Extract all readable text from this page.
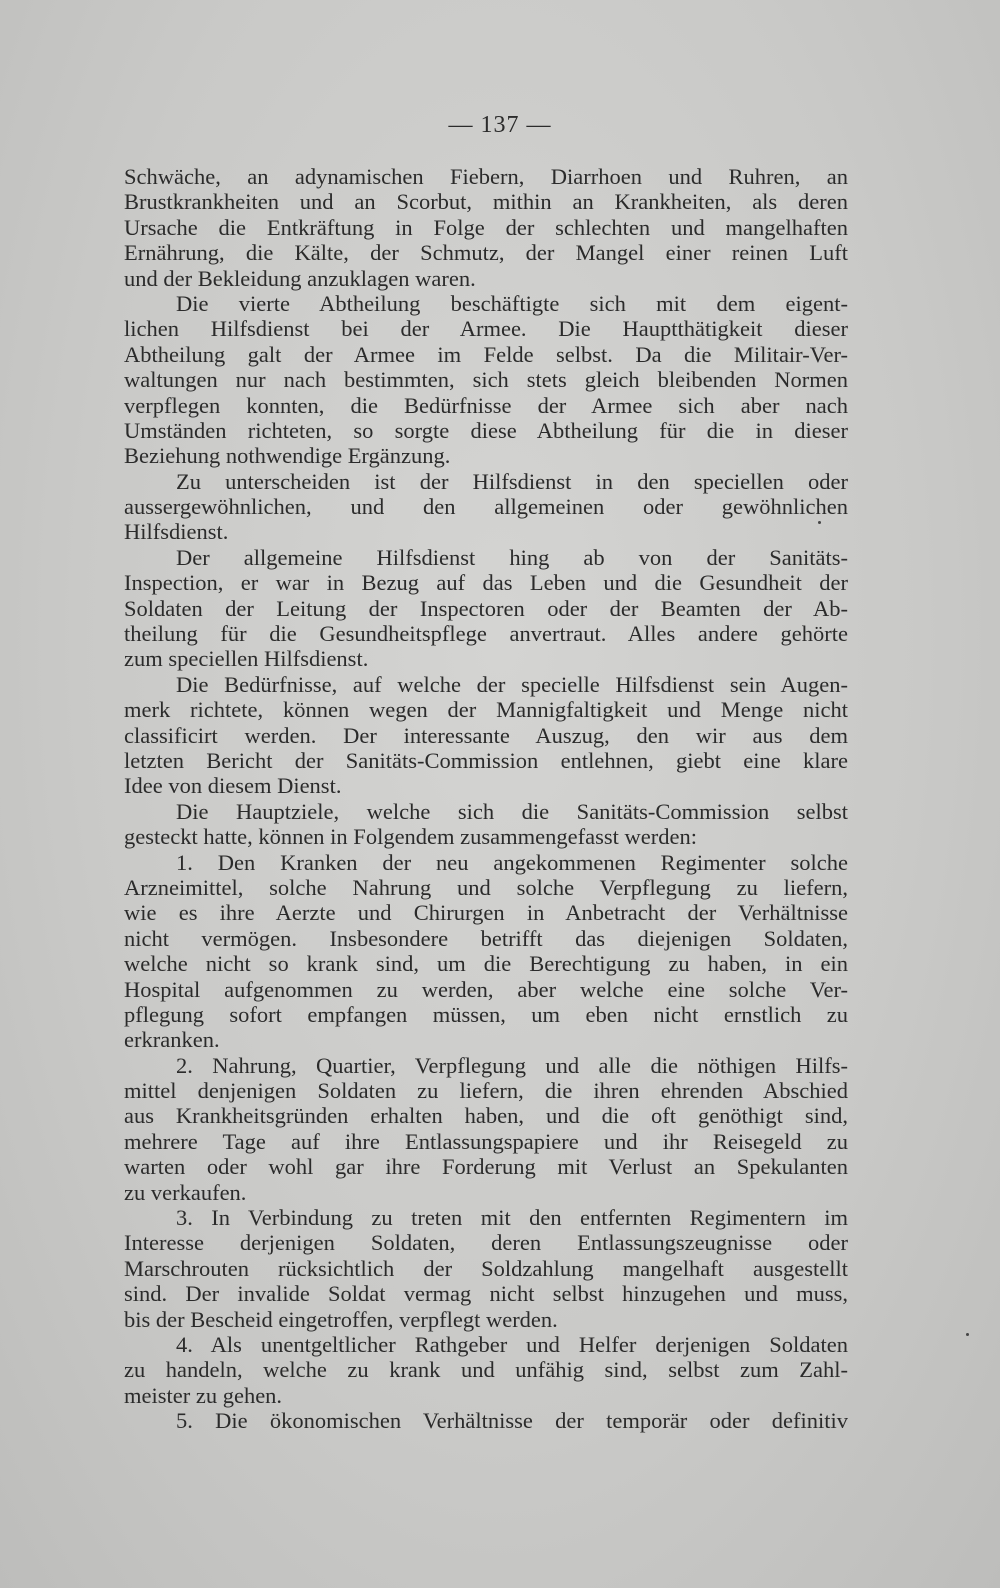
— 137 —
Schwäche, an adynamischen Fiebern, Diarrhoen und Ruhren, an
Brustkrankheiten und an Scorbut, mithin an Krankheiten, als deren
Ursache die Entkräftung in Folge der schlechten und mangelhaften
Ernährung, die Kälte, der Schmutz, der Mangel einer reinen Luft
und der Bekleidung anzuklagen waren.
Die vierte Abtheilung beschäftigte sich mit dem eigent-
lichen Hilfsdienst bei der Armee. Die Hauptthätigkeit dieser
Abtheilung galt der Armee im Felde selbst. Da die Militair-Ver-
waltungen nur nach bestimmten, sich stets gleich bleibenden Normen
verpflegen konnten, die Bedürfnisse der Armee sich aber nach
Umständen richteten, so sorgte diese Abtheilung für die in dieser
Beziehung nothwendige Ergänzung.
Zu unterscheiden ist der Hilfsdienst in den speciellen oder
aussergewöhnlichen, und den allgemeinen oder gewöhnlichen
Hilfsdienst.
Der allgemeine Hilfsdienst hing ab von der Sanitäts-
Inspection, er war in Bezug auf das Leben und die Gesundheit der
Soldaten der Leitung der Inspectoren oder der Beamten der Ab-
theilung für die Gesundheitspflege anvertraut. Alles andere gehörte
zum speciellen Hilfsdienst.
Die Bedürfnisse, auf welche der specielle Hilfsdienst sein Augen-
merk richtete, können wegen der Mannigfaltigkeit und Menge nicht
classificirt werden. Der interessante Auszug, den wir aus dem
letzten Bericht der Sanitäts-Commission entlehnen, giebt eine klare
Idee von diesem Dienst.
Die Hauptziele, welche sich die Sanitäts-Commission selbst
gesteckt hatte, können in Folgendem zusammengefasst werden:
1. Den Kranken der neu angekommenen Regimenter solche
Arzneimittel, solche Nahrung und solche Verpflegung zu liefern,
wie es ihre Aerzte und Chirurgen in Anbetracht der Verhältnisse
nicht vermögen. Insbesondere betrifft das diejenigen Soldaten,
welche nicht so krank sind, um die Berechtigung zu haben, in ein
Hospital aufgenommen zu werden, aber welche eine solche Ver-
pflegung sofort empfangen müssen, um eben nicht ernstlich zu
erkranken.
2. Nahrung, Quartier, Verpflegung und alle die nöthigen Hilfs-
mittel denjenigen Soldaten zu liefern, die ihren ehrenden Abschied
aus Krankheitsgründen erhalten haben, und die oft genöthigt sind,
mehrere Tage auf ihre Entlassungspapiere und ihr Reisegeld zu
warten oder wohl gar ihre Forderung mit Verlust an Spekulanten
zu verkaufen.
3. In Verbindung zu treten mit den entfernten Regimentern im
Interesse derjenigen Soldaten, deren Entlassungszeugnisse oder
Marschrouten rücksichtlich der Soldzahlung mangelhaft ausgestellt
sind. Der invalide Soldat vermag nicht selbst hinzugehen und muss,
bis der Bescheid eingetroffen, verpflegt werden.
4. Als unentgeltlicher Rathgeber und Helfer derjenigen Soldaten
zu handeln, welche zu krank und unfähig sind, selbst zum Zahl-
meister zu gehen.
5. Die ökonomischen Verhältnisse der temporär oder definitiv
